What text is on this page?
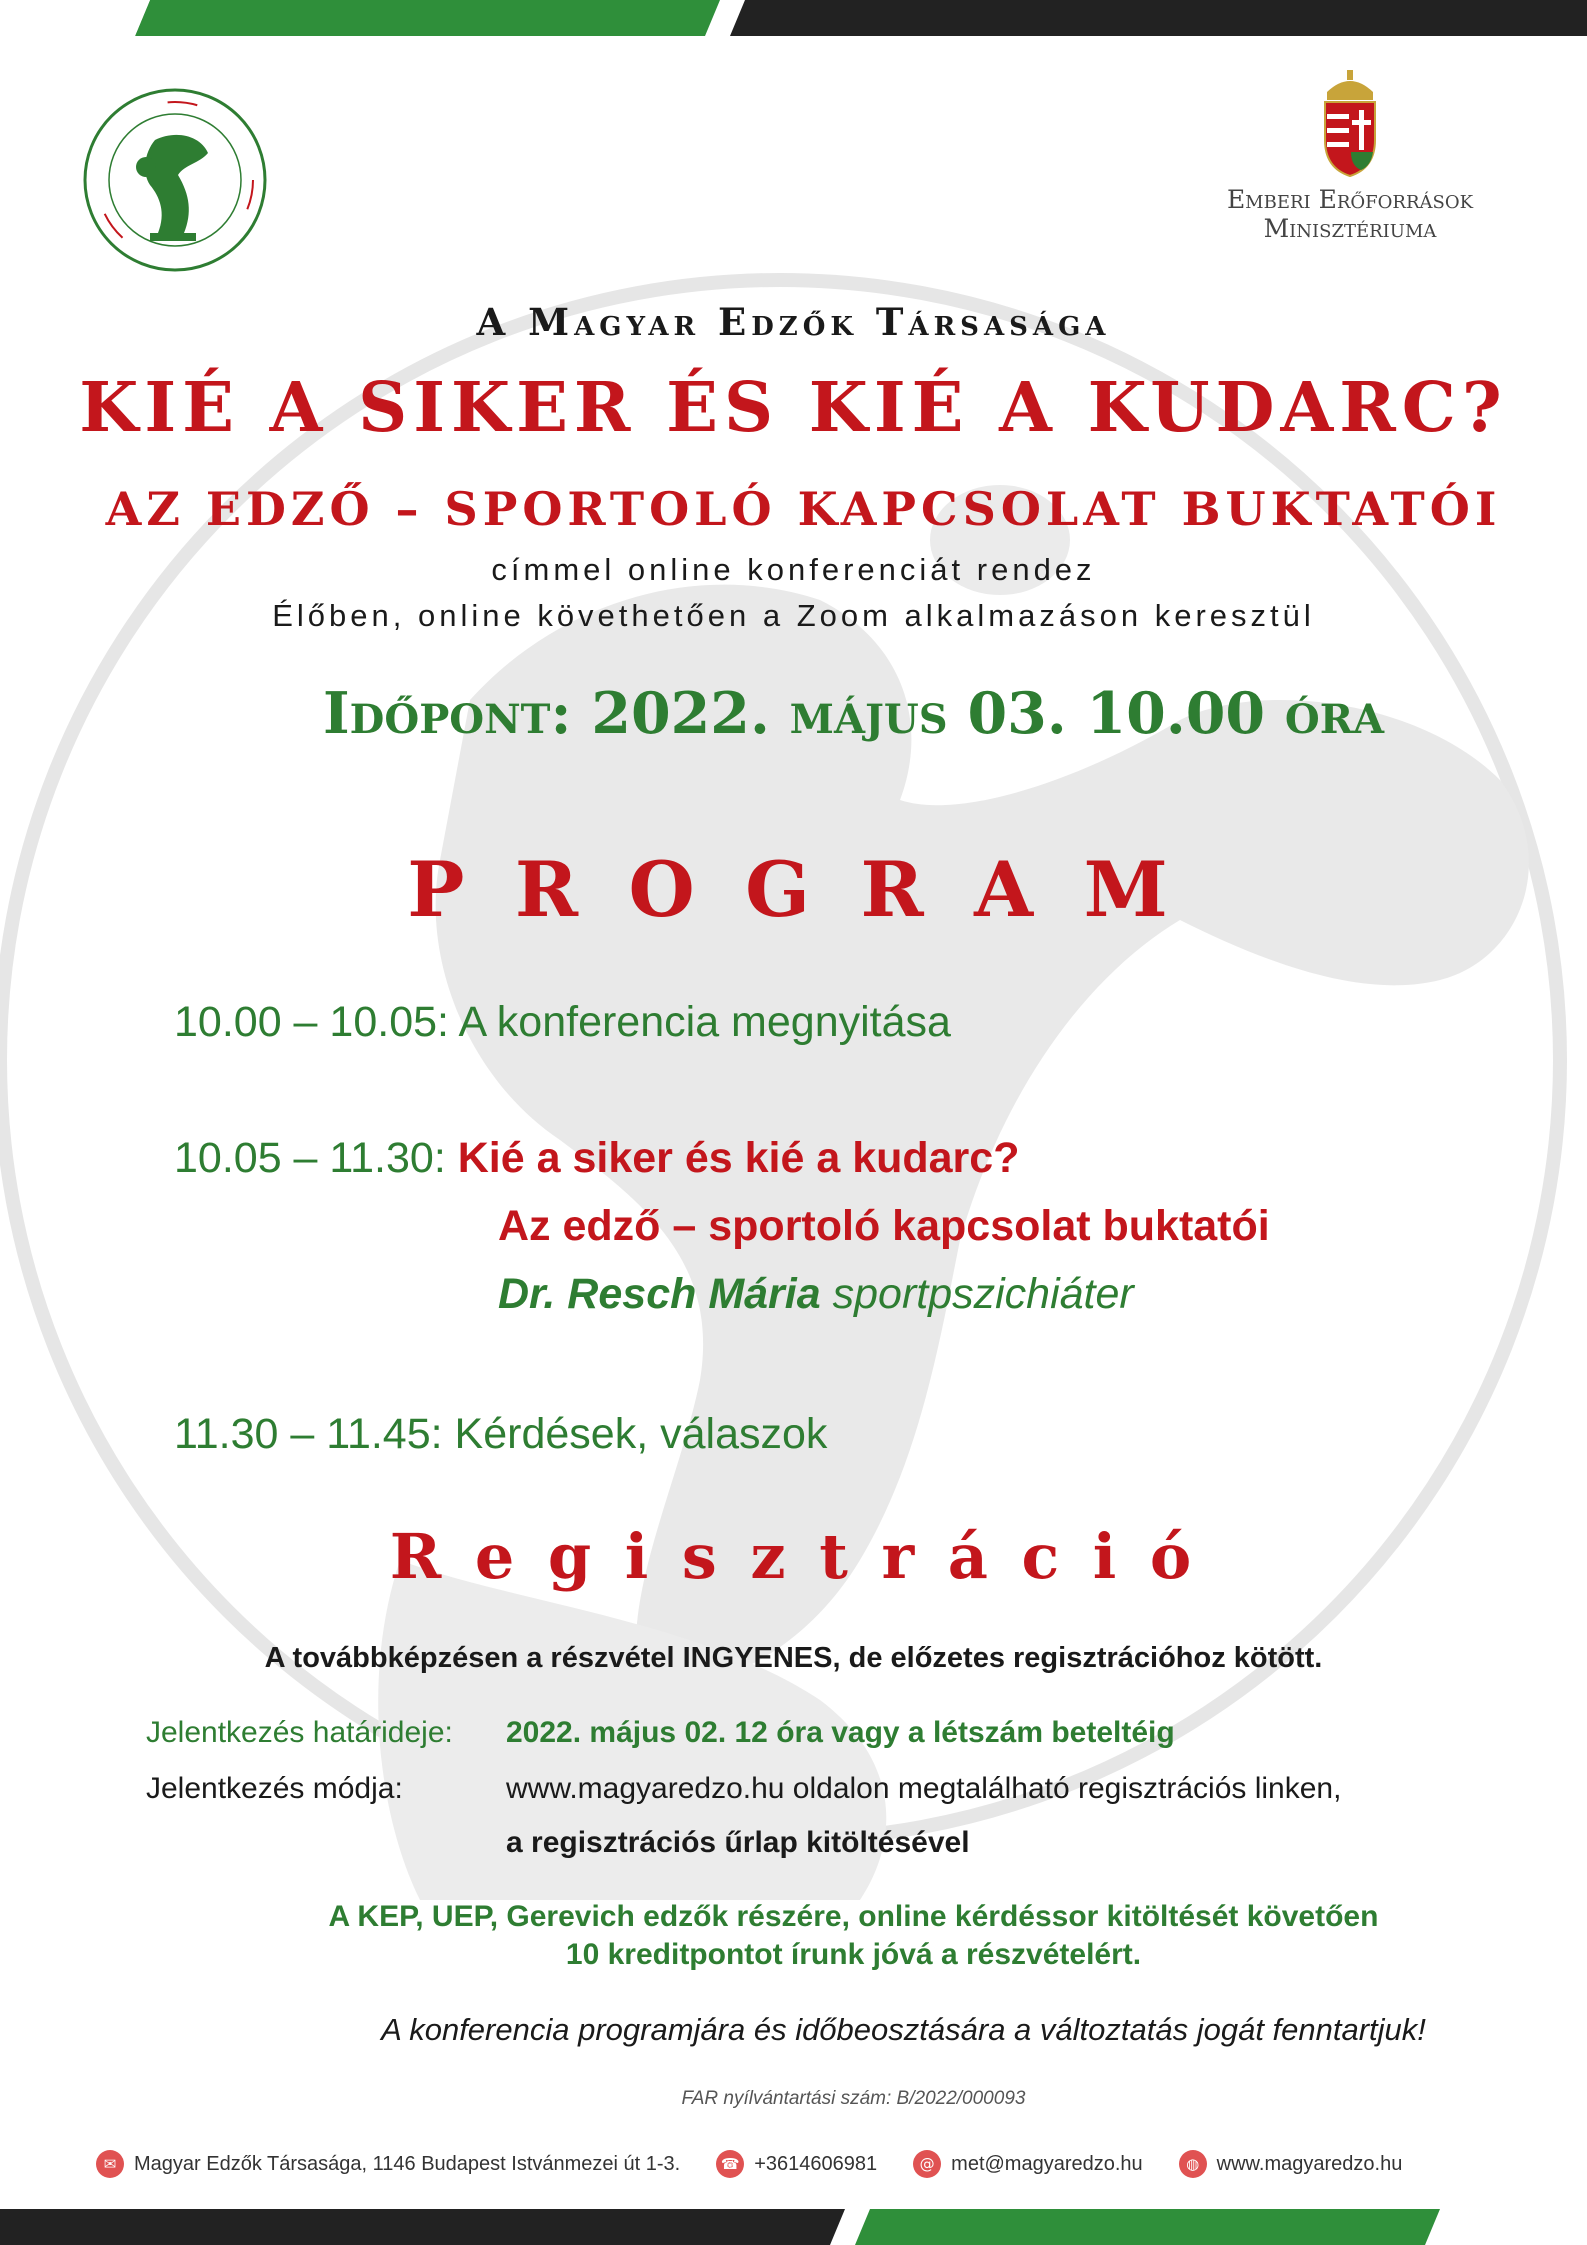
Emberi Erőforrások
Minisztériuma
A Magyar Edzők Társasága
KIÉ A SIKER ÉS KIÉ A KUDARC?
AZ EDZŐ – SPORTOLÓ KAPCSOLAT BUKTATÓI
címmel online konferenciát rendez
Élőben, online követhetően a Zoom alkalmazáson keresztül
Időpont: 2022. május 03. 10.00 óra
P R O G R A M
10.00 – 10.05: A konferencia megnyitása
10.05 – 11.30: Kié a siker és kié a kudarc?
Az edző – sportoló kapcsolat buktatói
Dr. Resch Mária sportpszichiáter
11.30 – 11.45: Kérdések, válaszok
R e g i s z t r á c i ó
A továbbképzésen a részvétel INGYENES, de előzetes regisztrációhoz kötött.
Jelentkezés határideje: 2022. május 02. 12 óra vagy a létszám beteltéig
Jelentkezés módja:	www.magyaredzo.hu oldalon megtalálható regisztrációs linken,
a regisztrációs űrlap kitöltésével
A KEP, UEP, Gerevich edzők részére, online kérdéssor kitöltését követően
10 kreditpontot írunk jóvá a részvételért.
A konferencia programjára és időbeosztására a változtatás jogát fenntartjuk!
FAR nyílvántartási szám: B/2022/000093
✉ Magyar Edzők Társasága, 1146 Budapest Istvánmezei út 1-3.	☎ +3614606981	@ met@magyaredzo.hu	◍ www.magyaredzo.hu
